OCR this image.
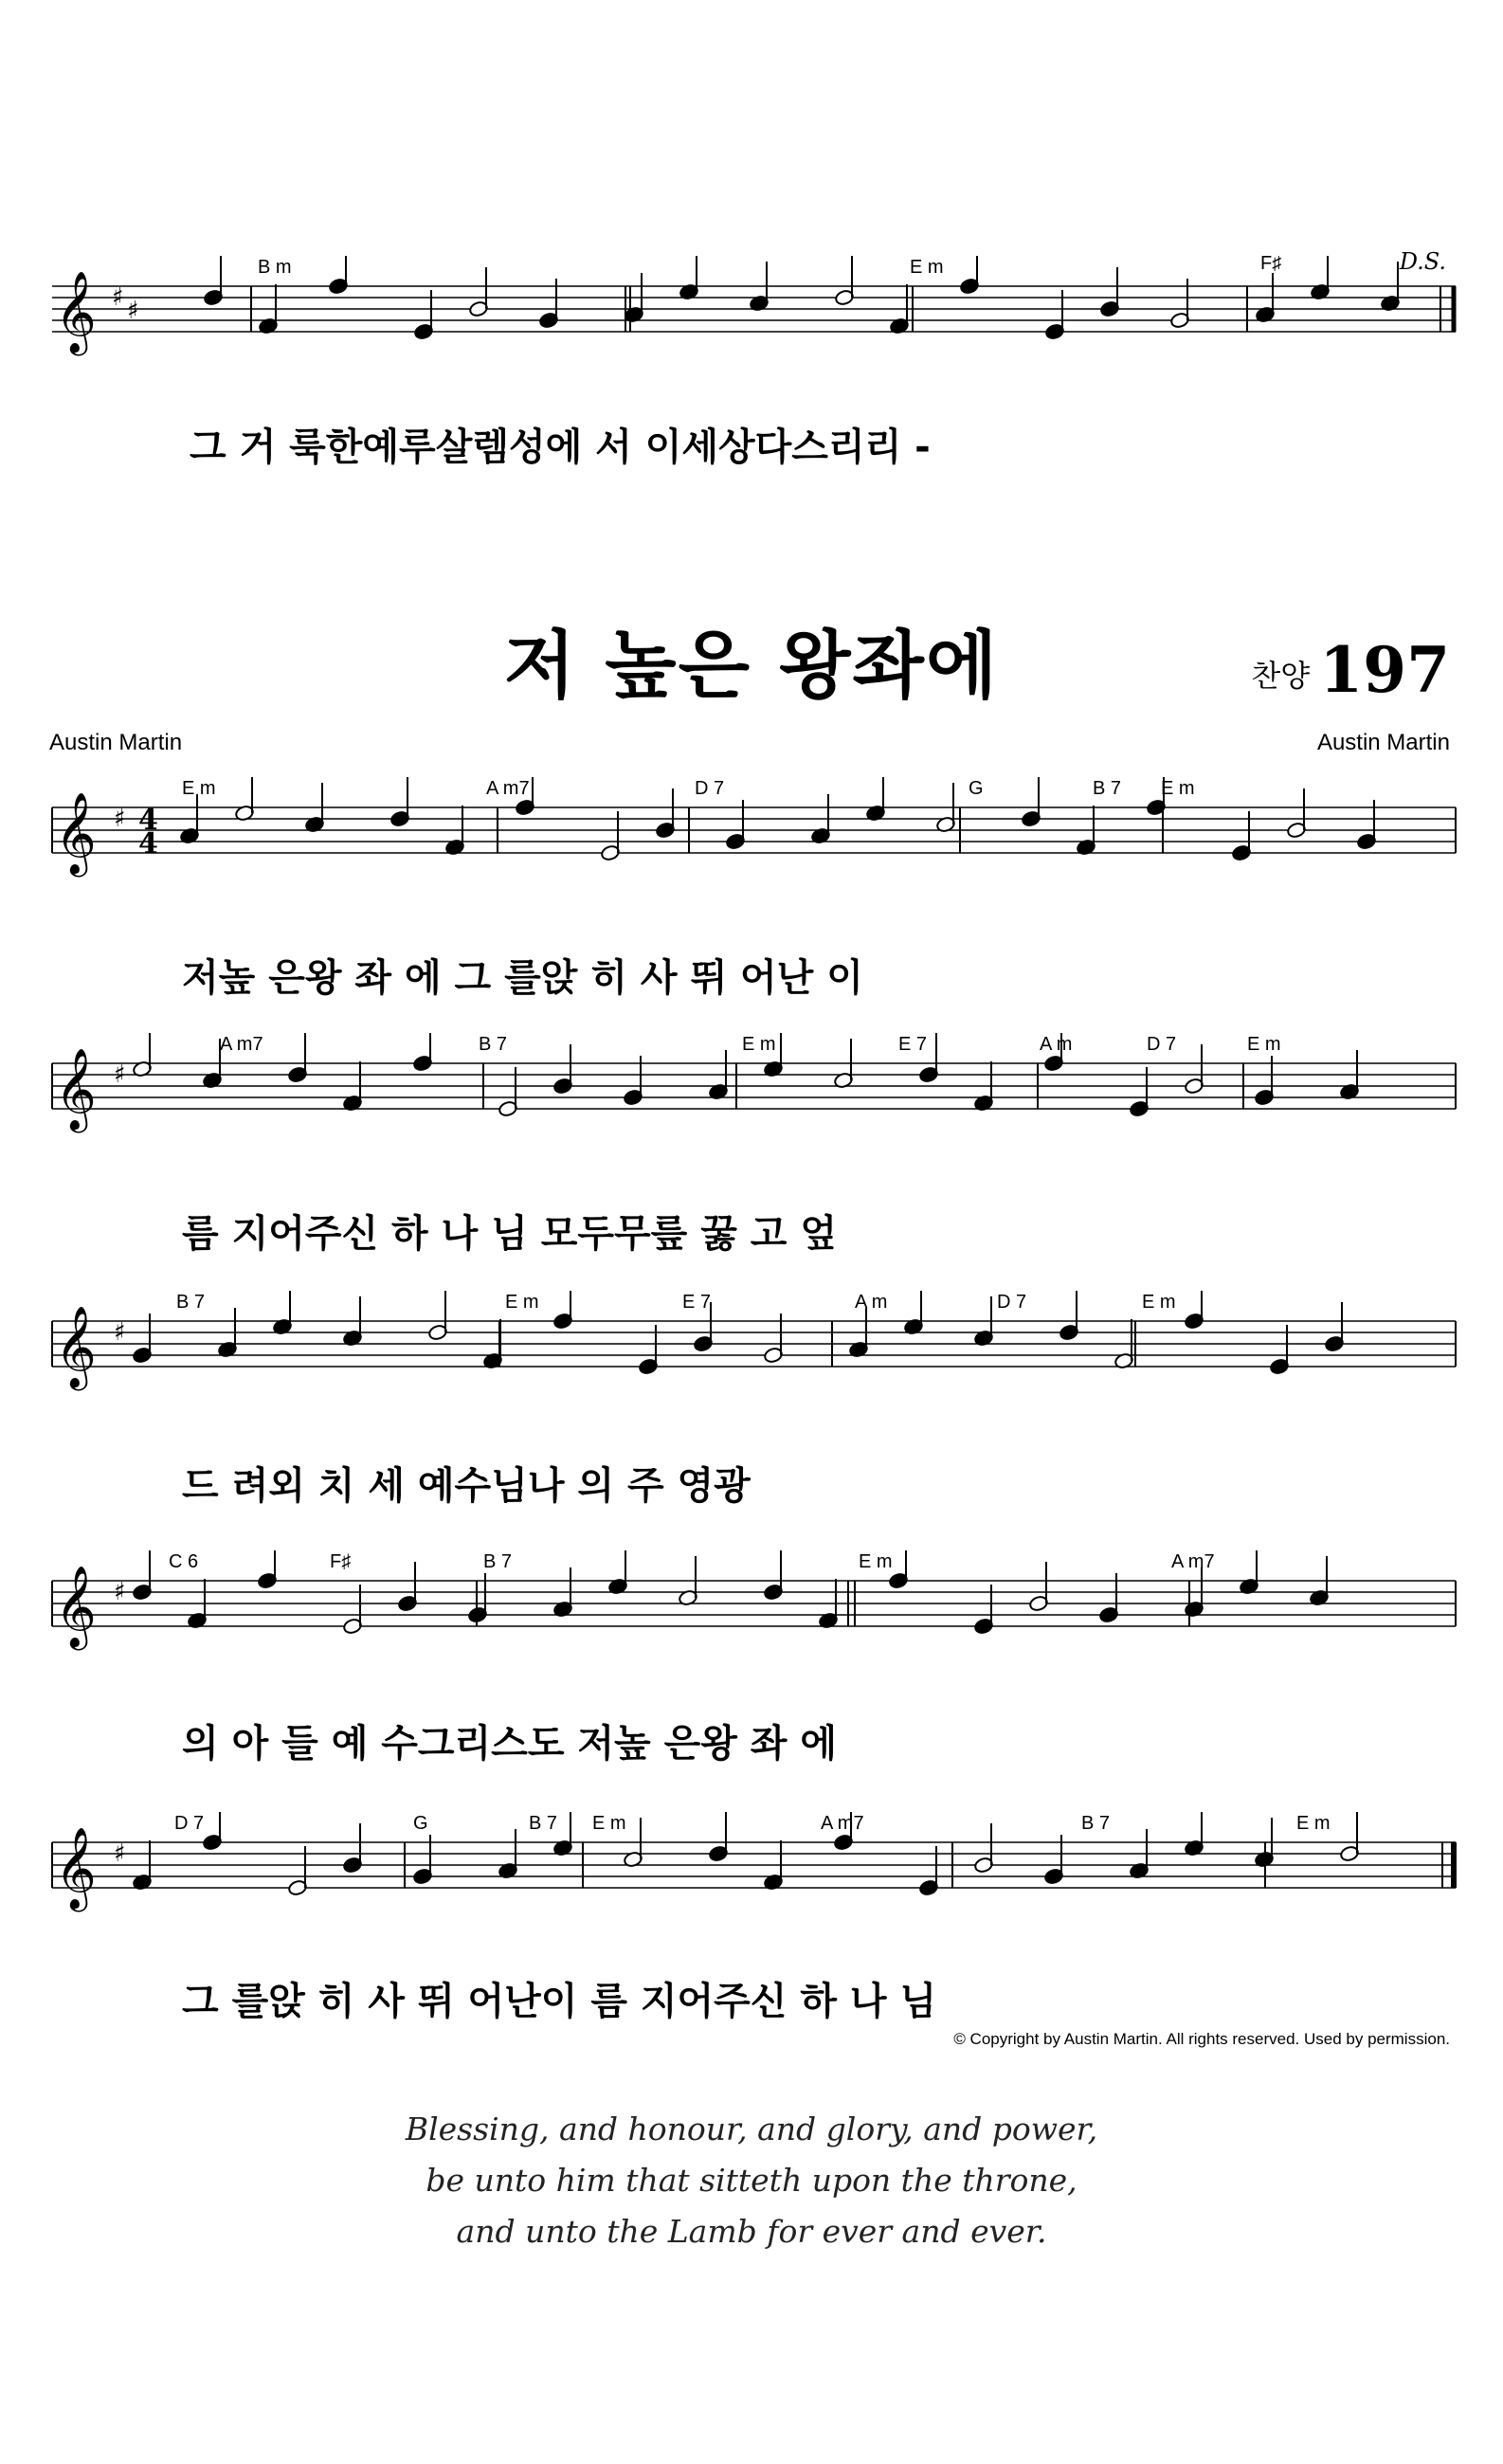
D.S.
𝄞 ♯ ♯
B m	E m	F♯
그 거 룩한예루살렘성에 서 이세상다스리리 -
저 높은 왕좌에	찬양 197
Austin Martin	Austin Martin
𝄞 ♯ 4
4
E m	A m7	D 7	G	B 7 E m
저높 은왕 좌 에 그 를앉 히 사 뛰 어난 이
𝄞 ♯
A m7	B 7	E m	E 7	A m	D 7	E m
름 지어주신 하 나 님 모두무릎 꿇 고 엎
𝄞 ♯
B 7	E m	E 7	A m	D 7	E m
드 려외 치 세 예수님나 의 주 영광
𝄞 ♯
C 6	F♯	B 7	E m	A m7
의 아 들 예 수그리스도 저높 은왕 좌 에
𝄞 ♯
D 7	G	B 7 E m	A m7	B 7	E m
그 를앉 히 사 뛰 어난이 름 지어주신 하 나 님
© Copyright by Austin Martin. All rights reserved. Used by permission.
Blessing, and honour, and glory, and power,
be unto him that sitteth upon the throne,
and unto the Lamb for ever and ever.
